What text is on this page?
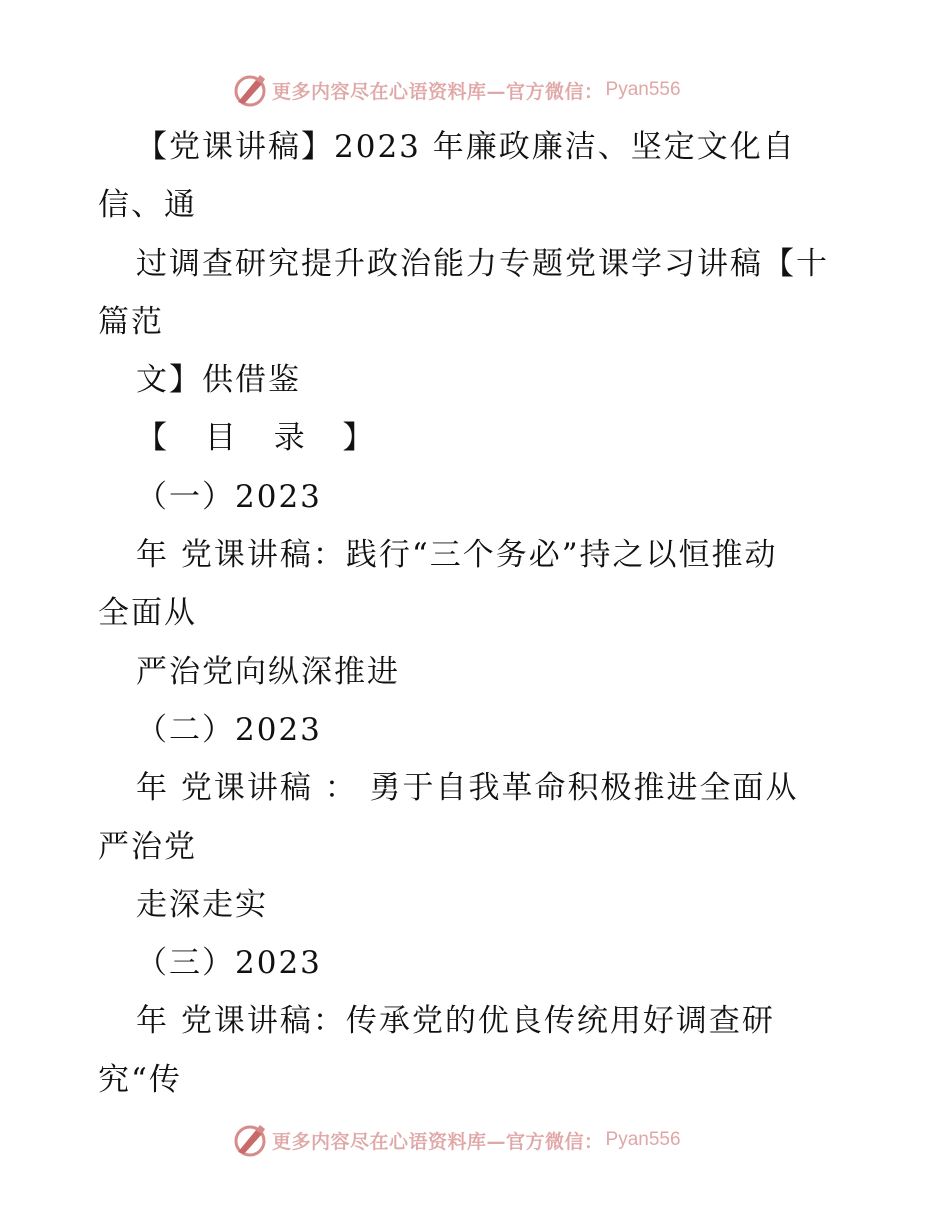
更多内容尽在心语资料库—官方微信： Pyan556
【党课讲稿】2023 年廉政廉洁、坚定文化自
信、通
过调查研究提升政治能力专题党课学习讲稿【十
篇范
文】供借鉴
【 目 录 】
（一）2023
年 党课讲稿：践行“三个务必”持之以恒推动
全面从
严治党向纵深推进
（二）2023
年 党课讲稿 ： 勇于自我革命积极推进全面从
严治党
走深走实
（三）2023
年 党课讲稿：传承党的优良传统用好调查研
究“传
更多内容尽在心语资料库—官方微信： Pyan556
